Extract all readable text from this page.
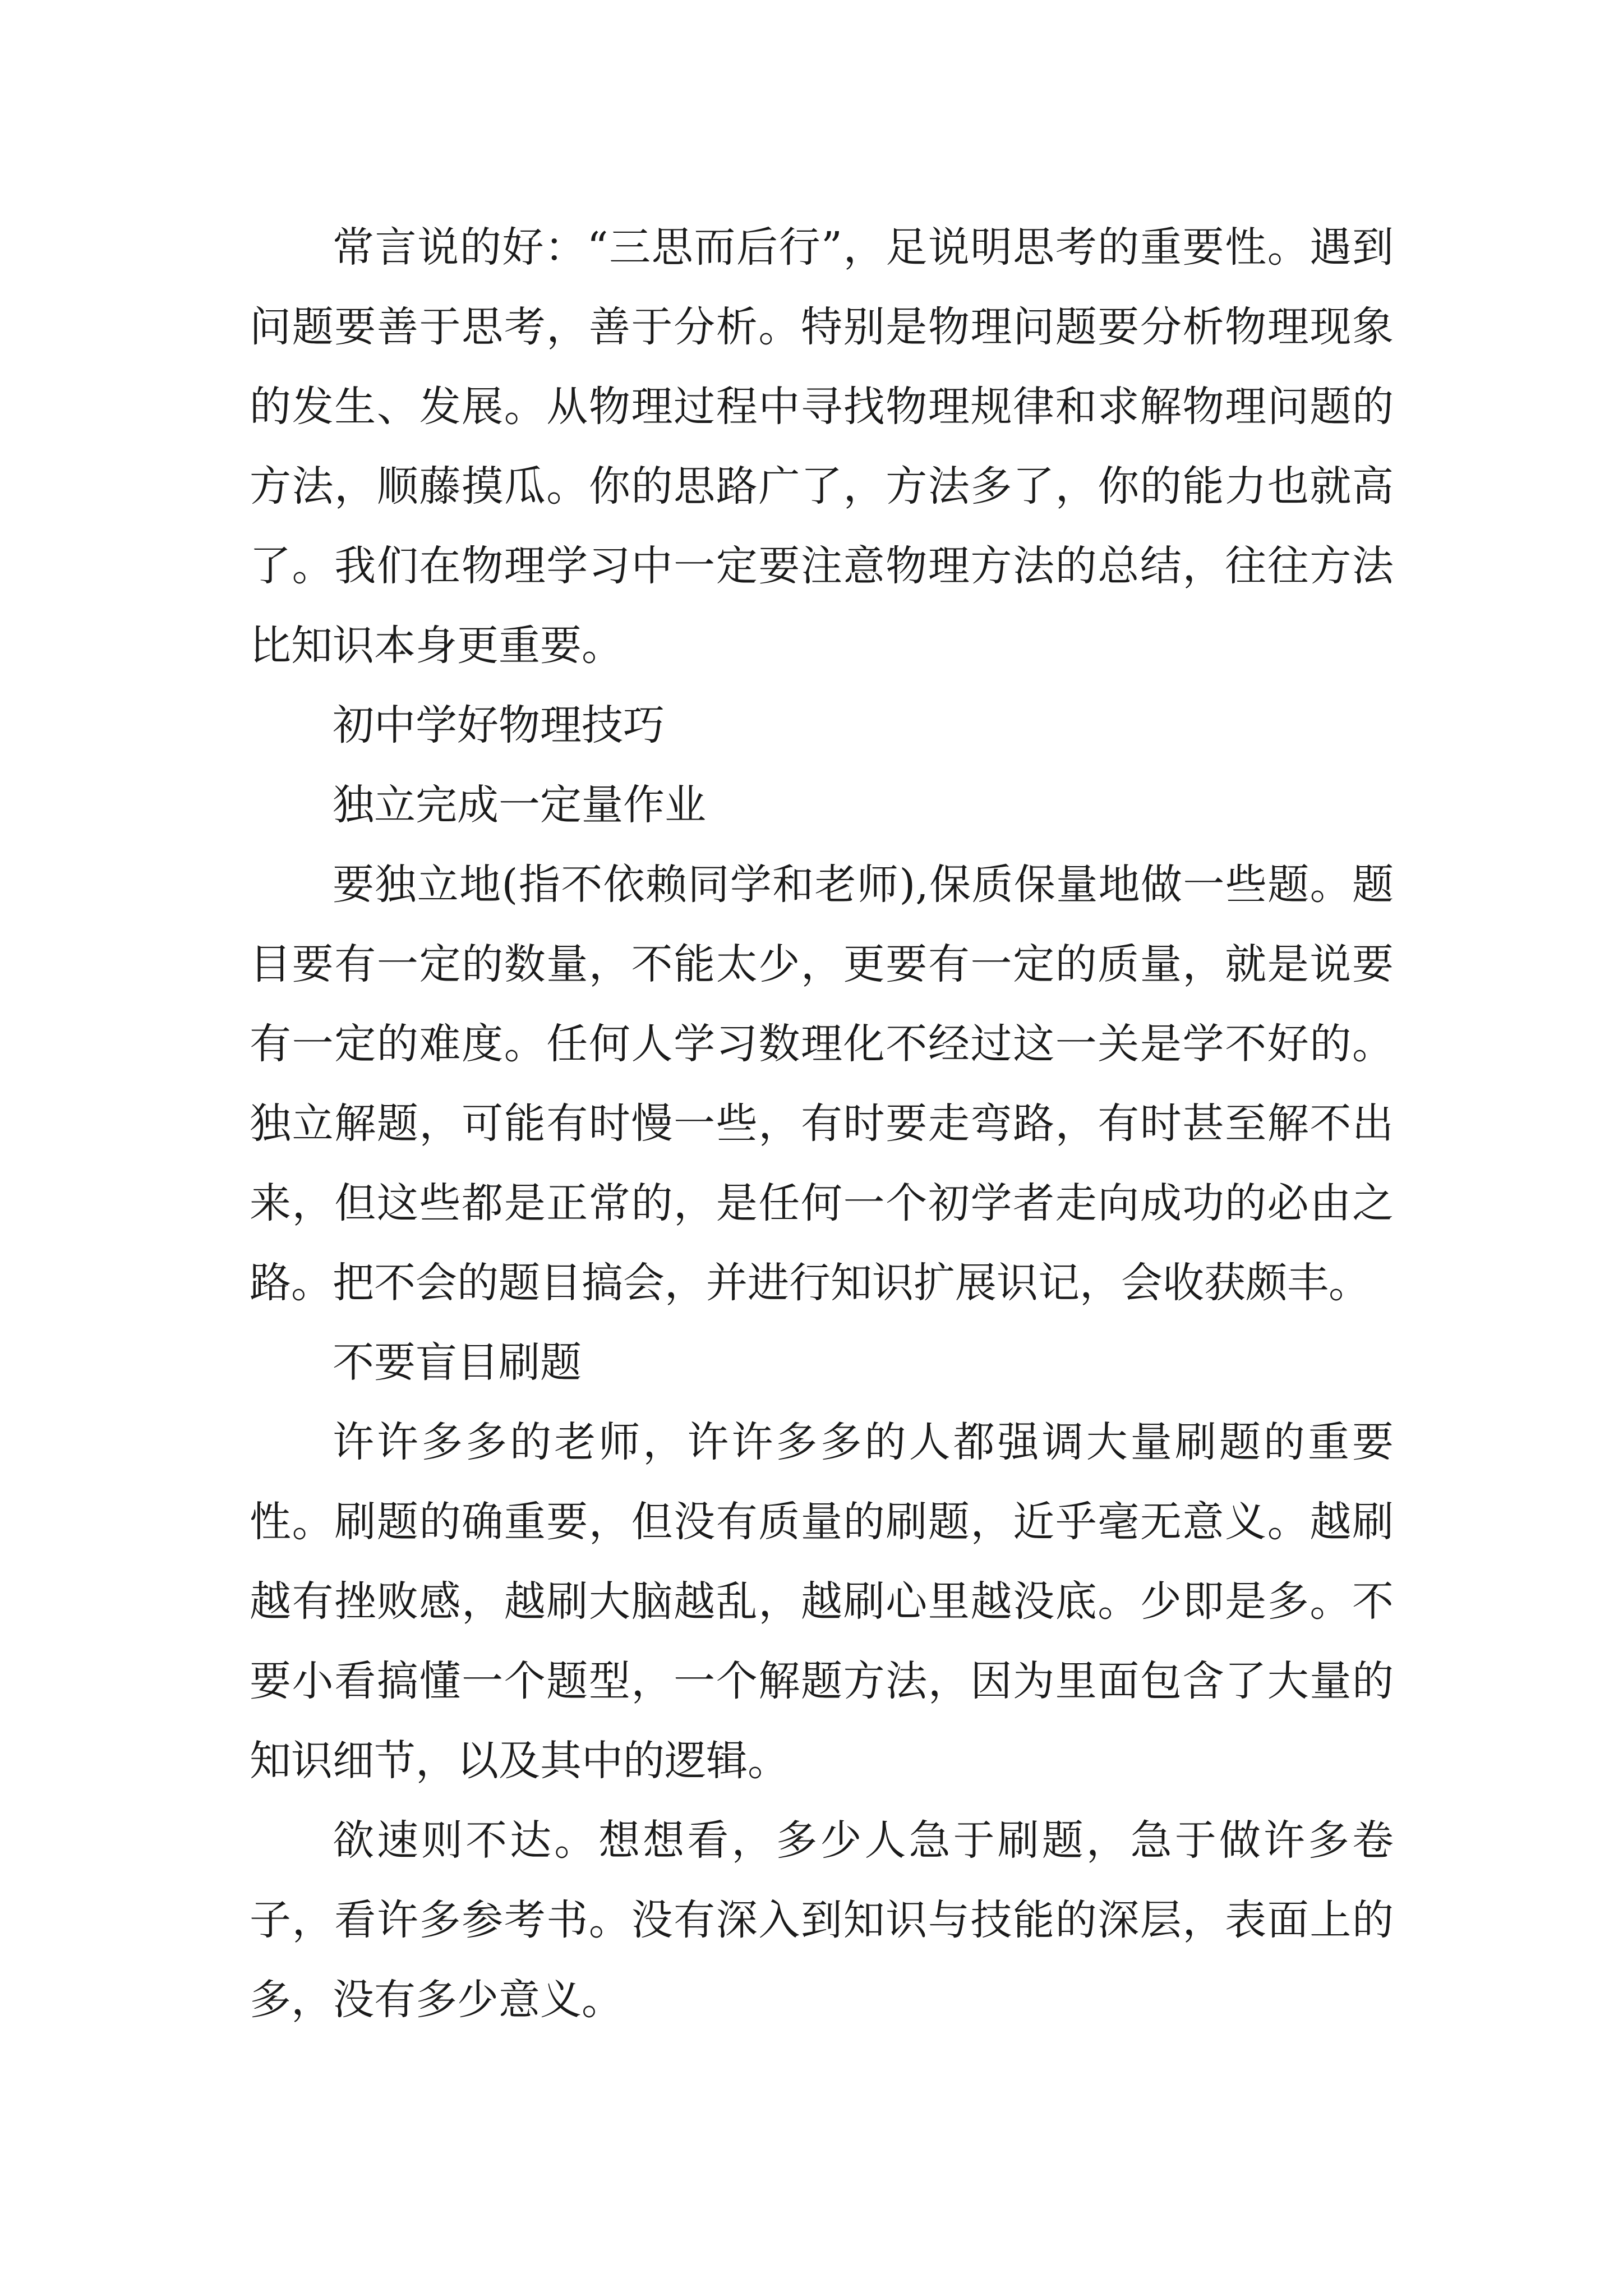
常言说的好：“三思而后行”，足说明思考的重要性。遇到问题要善于思考，善于分析。特别是物理问题要分析物理现象的发生、发展。从物理过程中寻找物理规律和求解物理问题的方法，顺藤摸瓜。你的思路广了，方法多了，你的能力也就高了。我们在物理学习中一定要注意物理方法的总结，往往方法比知识本身更重要。

初中学好物理技巧

独立完成一定量作业

要独立地(指不依赖同学和老师),保质保量地做一些题。题目要有一定的数量，不能太少，更要有一定的质量，就是说要有一定的难度。任何人学习数理化不经过这一关是学不好的。独立解题，可能有时慢一些，有时要走弯路，有时甚至解不出来，但这些都是正常的，是任何一个初学者走向成功的必由之路。把不会的题目搞会，并进行知识扩展识记，会收获颇丰。

不要盲目刷题

许许多多的老师，许许多多的人都强调大量刷题的重要性。刷题的确重要，但没有质量的刷题，近乎毫无意义。越刷越有挫败感，越刷大脑越乱，越刷心里越没底。少即是多。不要小看搞懂一个题型，一个解题方法，因为里面包含了大量的知识细节，以及其中的逻辑。

欲速则不达。想想看，多少人急于刷题，急于做许多卷子，看许多参考书。没有深入到知识与技能的深层，表面上的多，没有多少意义。
